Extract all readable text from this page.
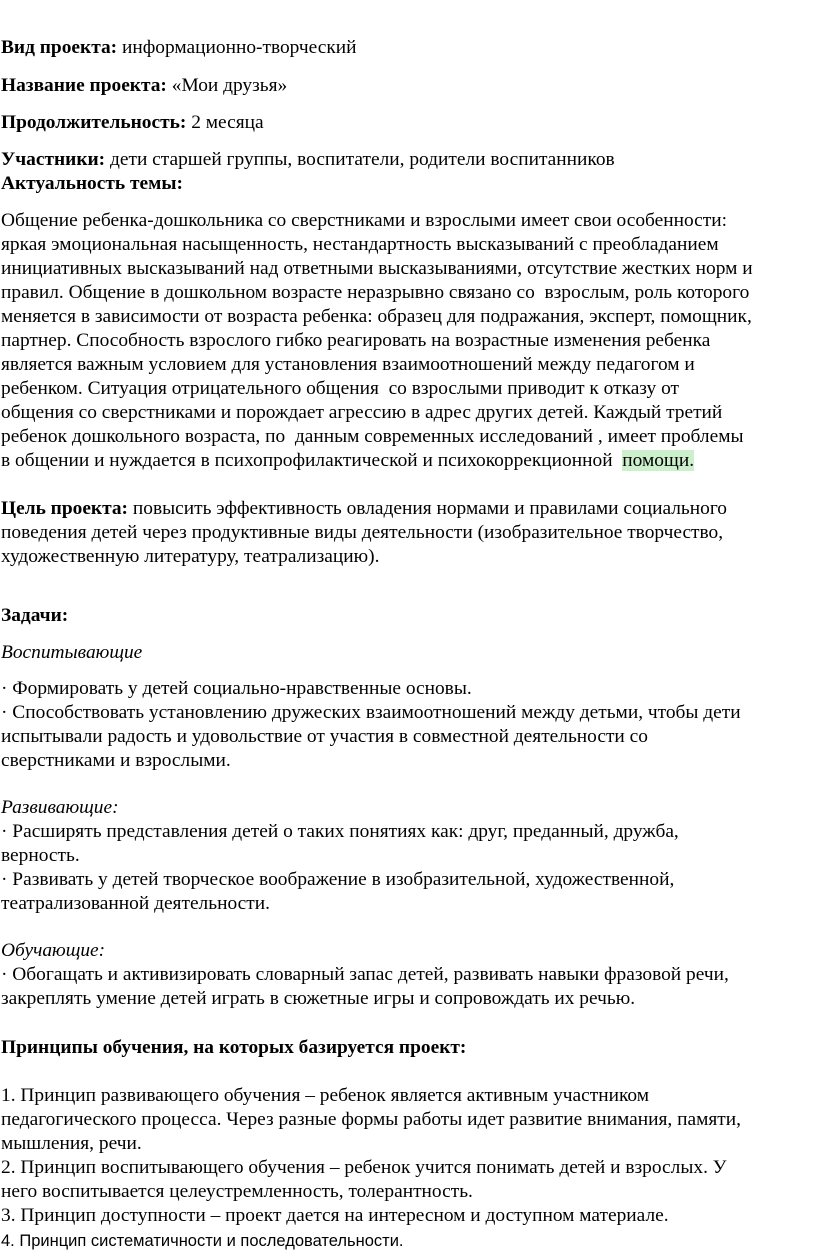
Вид проекта: информационно-творческий
Название проекта: «Мои друзья»
Продолжительность: 2 месяца
Участники: дети старшей группы, воспитатели, родители воспитанников
Актуальность темы:
Общение ребенка-дошкольника со сверстниками и взрослыми имеет свои особенности:
яркая эмоциональная насыщенность, нестандартность высказываний с преобладанием
инициативных высказываний над ответными высказываниями, отсутствие жестких норм и
правил. Общение в дошкольном возрасте неразрывно связано со  взрослым, роль которого
меняется в зависимости от возраста ребенка: образец для подражания, эксперт, помощник,
партнер. Способность взрослого гибко реагировать на возрастные изменения ребенка
является важным условием для установления взаимоотношений между педагогом и
ребенком. Ситуация отрицательного общения  со взрослыми приводит к отказу от
общения со сверстниками и порождает агрессию в адрес других детей. Каждый третий
ребенок дошкольного возраста, по  данным современных исследований , имеет проблемы
в общении и нуждается в психопрофилактической и психокоррекционной  помощи.
Цель проекта: повысить эффективность овладения нормами и правилами социального
поведения детей через продуктивные виды деятельности (изобразительное творчество,
художественную литературу, театрализацию).
Задачи:
Воспитывающие
· Формировать у детей социально-нравственные основы.
· Способствовать установлению дружеских взаимоотношений между детьми, чтобы дети
испытывали радость и удовольствие от участия в совместной деятельности со
сверстниками и взрослыми.
Развивающие:
· Расширять представления детей о таких понятиях как: друг, преданный, дружба,
верность.
· Развивать у детей творческое воображение в изобразительной, художественной,
театрализованной деятельности.
Обучающие:
· Обогащать и активизировать словарный запас детей, развивать навыки фразовой речи,
закреплять умение детей играть в сюжетные игры и сопровождать их речью.
Принципы обучения, на которых базируется проект:
1. Принцип развивающего обучения – ребенок является активным участником
педагогического процесса. Через разные формы работы идет развитие внимания, памяти,
мышления, речи.
2. Принцип воспитывающего обучения – ребенок учится понимать детей и взрослых. У
него воспитывается целеустремленность, толерантность.
3. Принцип доступности – проект дается на интересном и доступном материале.
4. Принцип систематичности и последовательности.
